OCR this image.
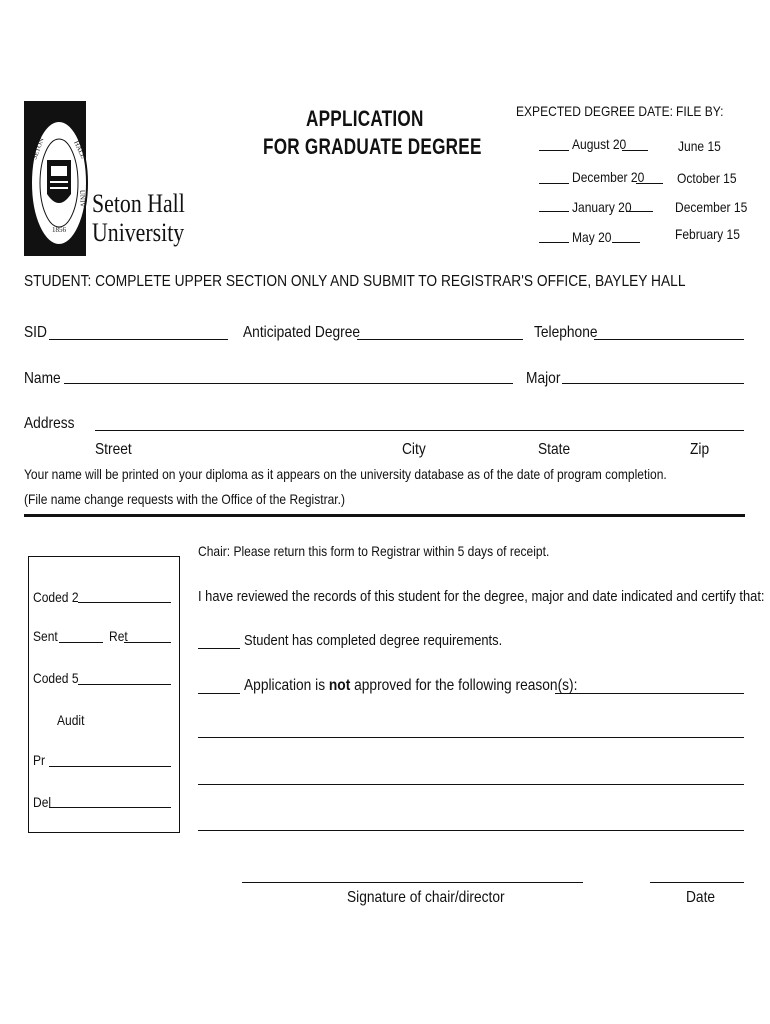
SETON	HALL
UNIV
1856
Seton Hall
University
APPLICATION
FOR GRADUATE DEGREE
EXPECTED DEGREE DATE: FILE BY:
August 20	June 15
December 20 October 15
January 20	December 15
May 20	February 15
STUDENT: COMPLETE UPPER SECTION ONLY AND SUBMIT TO REGISTRAR'S OFFICE, BAYLEY HALL
SID	Anticipated Degree	Telephone
Name	Major
Address
Street	City	State	Zip
Your name will be printed on your diploma as it appears on the university database as of the date of program completion.
(File name change requests with the Office of the Registrar.)
Coded 2
Sent	Ret
Coded 5
Audit
Pr
Del
Chair: Please return this form to Registrar within 5 days of receipt.
I have reviewed the records of this student for the degree, major and date indicated and certify that:
Student has completed degree requirements.
Application is not approved for the following reason(s):
Signature of chair/director	Date
